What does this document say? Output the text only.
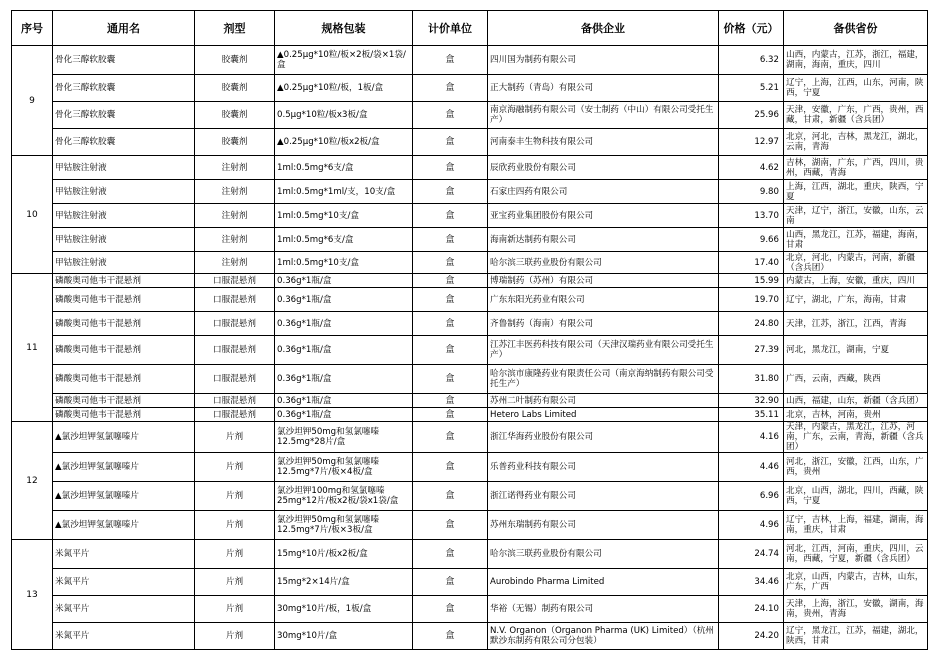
序号	通用名	剂型	规格包装	计价单位	备供企业	价格（元）	备供省份
9	骨化三醇软胶囊	胶囊剂	▲0.25μg*10粒/板×2板/袋×1袋/盒	盒	四川国为制药有限公司	6.32	山西，内蒙古，江苏，浙江，福建，湖南，海南，重庆，四川
	骨化三醇软胶囊	胶囊剂	▲0.25μg*10粒/板，1板/盒	盒	正大制药（青岛）有限公司	5.21	辽宁，上海，江西，山东，河南，陕西，宁夏
	骨化三醇软胶囊	胶囊剂	0.5μg*10粒/板x3板/盒	盒	南京海融制药有限公司（安士制药（中山）有限公司受托生产）	25.96	天津，安徽，广东，广西，贵州，西藏，甘肃，新疆（含兵团）
	骨化三醇软胶囊	胶囊剂	▲0.25μg*10粒/板x2板/盒	盒	河南泰丰生物科技有限公司	12.97	北京，河北，吉林，黑龙江，湖北，云南，青海
10	甲钴胺注射液	注射剂	1ml:0.5mg*6支/盒	盒	辰欣药业股份有限公司	4.62	吉林，湖南，广东，广西，四川，贵州，西藏，青海
	甲钴胺注射液	注射剂	1ml:0.5mg*1ml/支，10支/盒	盒	石家庄四药有限公司	9.80	上海，江西，湖北，重庆，陕西，宁夏
	甲钴胺注射液	注射剂	1ml:0.5mg*10支/盒	盒	亚宝药业集团股份有限公司	13.70	天津，辽宁，浙江，安徽，山东，云南
	甲钴胺注射液	注射剂	1ml:0.5mg*6支/盒	盒	海南新达制药有限公司	9.66	山西，黑龙江，江苏，福建，海南，甘肃
	甲钴胺注射液	注射剂	1ml:0.5mg*10支/盒	盒	哈尔滨三联药业股份有限公司	17.40	北京，河北，内蒙古，河南，新疆（含兵团）
11	磷酸奥司他韦干混悬剂	口服混悬剂	0.36g*1瓶/盒	盒	博瑞制药（苏州）有限公司	15.99	内蒙古，上海，安徽，重庆，四川
	磷酸奥司他韦干混悬剂	口服混悬剂	0.36g*1瓶/盒	盒	广东东阳光药业有限公司	19.70	辽宁，湖北，广东，海南，甘肃
	磷酸奥司他韦干混悬剂	口服混悬剂	0.36g*1瓶/盒	盒	齐鲁制药（海南）有限公司	24.80	天津，江苏，浙江，江西，青海
	磷酸奥司他韦干混悬剂	口服混悬剂	0.36g*1瓶/盒	盒	江苏江丰医药科技有限公司（天津汉瑞药业有限公司受托生产）	27.39	河北，黑龙江，湖南，宁夏
	磷酸奥司他韦干混悬剂	口服混悬剂	0.36g*1瓶/盒	盒	哈尔滨市康隆药业有限责任公司（南京海纳制药有限公司受托生产）	31.80	广西，云南，西藏，陕西
	磷酸奥司他韦干混悬剂	口服混悬剂	0.36g*1瓶/盒	盒	苏州二叶制药有限公司	32.90	山西，福建，山东，新疆（含兵团）
	磷酸奥司他韦干混悬剂	口服混悬剂	0.36g*1瓶/盒	盒	Hetero Labs Limited	35.11	北京，吉林，河南，贵州
12	▲氯沙坦钾氢氯噻嗪片	片剂	氯沙坦钾50mg和氢氯噻嗪12.5mg*28片/盒	盒	浙江华海药业股份有限公司	4.16	天津，内蒙古，黑龙江，江苏，河南，广东，云南，青海，新疆（含兵团）
	▲氯沙坦钾氢氯噻嗪片	片剂	氯沙坦钾50mg和氢氯噻嗪12.5mg*7片/板×4板/盒	盒	乐普药业科技有限公司	4.46	河北，浙江，安徽，江西，山东，广西，贵州
	▲氯沙坦钾氢氯噻嗪片	片剂	氯沙坦钾100mg和氢氯噻嗪25mg*12片/板x2板/袋x1袋/盒	盒	浙江诺得药业有限公司	6.96	北京，山西，湖北，四川，西藏，陕西，宁夏
	▲氯沙坦钾氢氯噻嗪片	片剂	氯沙坦钾50mg和氢氯噻嗪12.5mg*7片/板×3板/盒	盒	苏州东瑞制药有限公司	4.96	辽宁，吉林，上海，福建，湖南，海南，重庆，甘肃
13	米氮平片	片剂	15mg*10片/板x2板/盒	盒	哈尔滨三联药业股份有限公司	24.74	河北，江西，河南，重庆，四川，云南，西藏，宁夏，新疆（含兵团）
	米氮平片	片剂	15mg*2×14片/盒	盒	Aurobindo Pharma Limited	34.46	北京，山西，内蒙古，吉林，山东，广东，广西
	米氮平片	片剂	30mg*10片/板，1板/盒	盒	华裕（无锡）制药有限公司	24.10	天津，上海，浙江，安徽，湖南，海南，贵州，青海
	米氮平片	片剂	30mg*10片/盒	盒	N.V. Organon（Organon Pharma (UK) Limited）（杭州默沙东制药有限公司分包装）	24.20	辽宁，黑龙江，江苏，福建，湖北，陕西，甘肃
